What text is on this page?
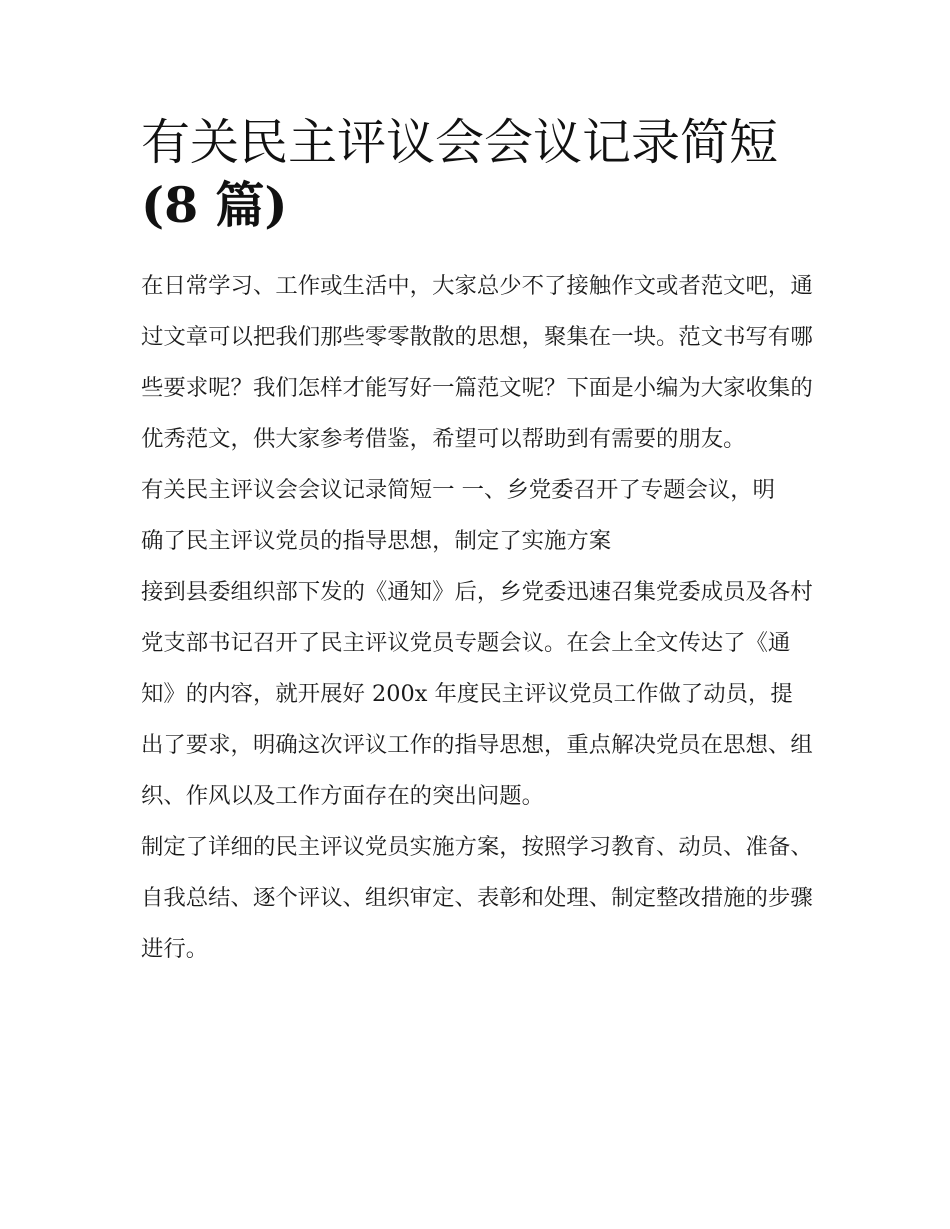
有关民主评议会会议记录简短
(8 篇)

在日常学习、工作或生活中，大家总少不了接触作文或者范文吧，通过文章可以把我们那些零零散散的思想，聚集在一块。范文书写有哪些要求呢？我们怎样才能写好一篇范文呢？下面是小编为大家收集的优秀范文，供大家参考借鉴，希望可以帮助到有需要的朋友。

有关民主评议会会议记录简短一 一、乡党委召开了专题会议，明确了民主评议党员的指导思想，制定了实施方案

接到县委组织部下发的《通知》后，乡党委迅速召集党委成员及各村党支部书记召开了民主评议党员专题会议。在会上全文传达了《通知》的内容，就开展好 200x 年度民主评议党员工作做了动员，提出了要求，明确这次评议工作的指导思想，重点解决党员在思想、组织、作风以及工作方面存在的突出问题。

制定了详细的民主评议党员实施方案，按照学习教育、动员、准备、自我总结、逐个评议、组织审定、表彰和处理、制定整改措施的步骤进行。
